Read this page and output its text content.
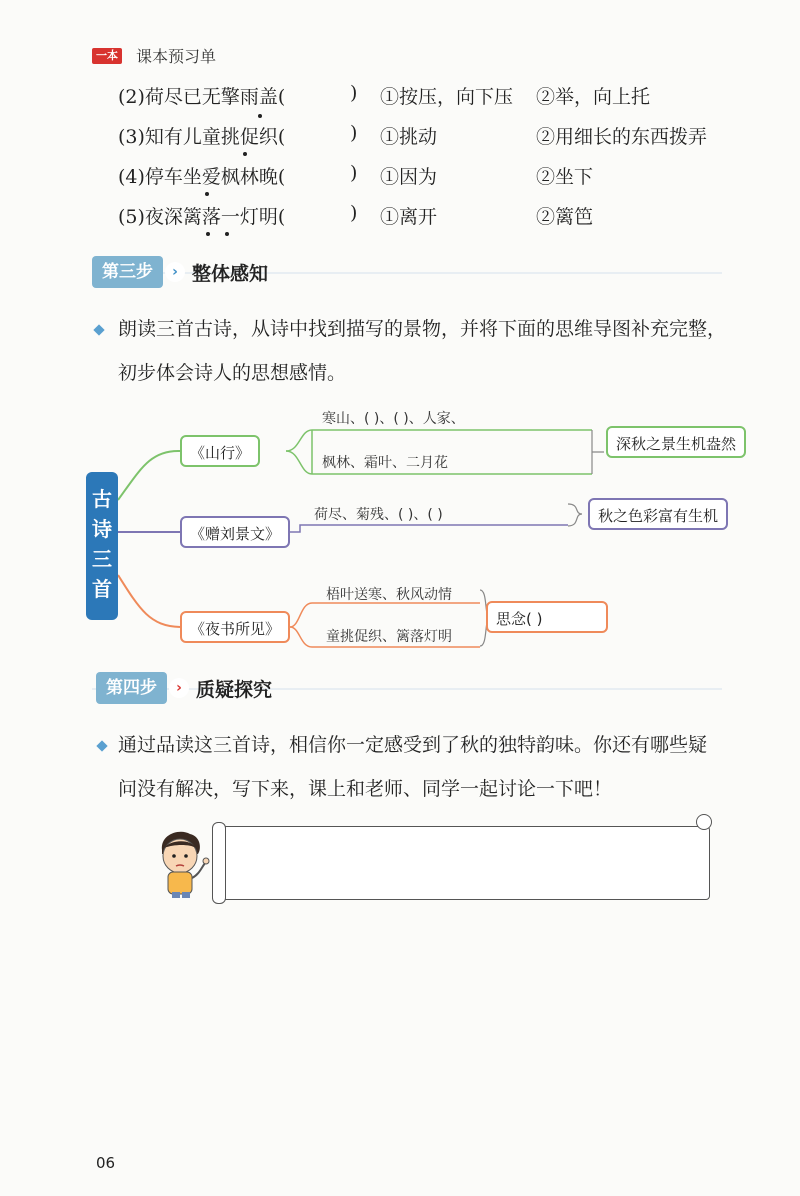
一本 课本预习单
(2)荷尽已无擎雨盖(	) ①按压，向下压 ②举，向上托
(3)知有儿童挑促织(	) ①挑动	②用细长的东西拨弄
(4)停车坐爱枫林晚(	) ①因为	②坐下
(5)夜深篱落一灯明(	) ①离开	②篱笆
第三步	› 整体感知
朗读三首古诗，从诗中找到描写的景物，并将下面的思维导图补充完整，
初步体会诗人的思想感情。
古
诗
三
首
《山行》
寒山、( )、( )、人家、
枫林、霜叶、二月花
深秋之景生机盎然
《赠刘景文》
荷尽、菊残、( )、( )	秋之色彩富有生机
《夜书所见》
梧叶送寒、秋风动情
童挑促织、篱落灯明
思念( )
第四步	› 质疑探究
通过品读这三首诗，相信你一定感受到了秋的独特韵味。你还有哪些疑
问没有解决，写下来，课上和老师、同学一起讨论一下吧！
06
